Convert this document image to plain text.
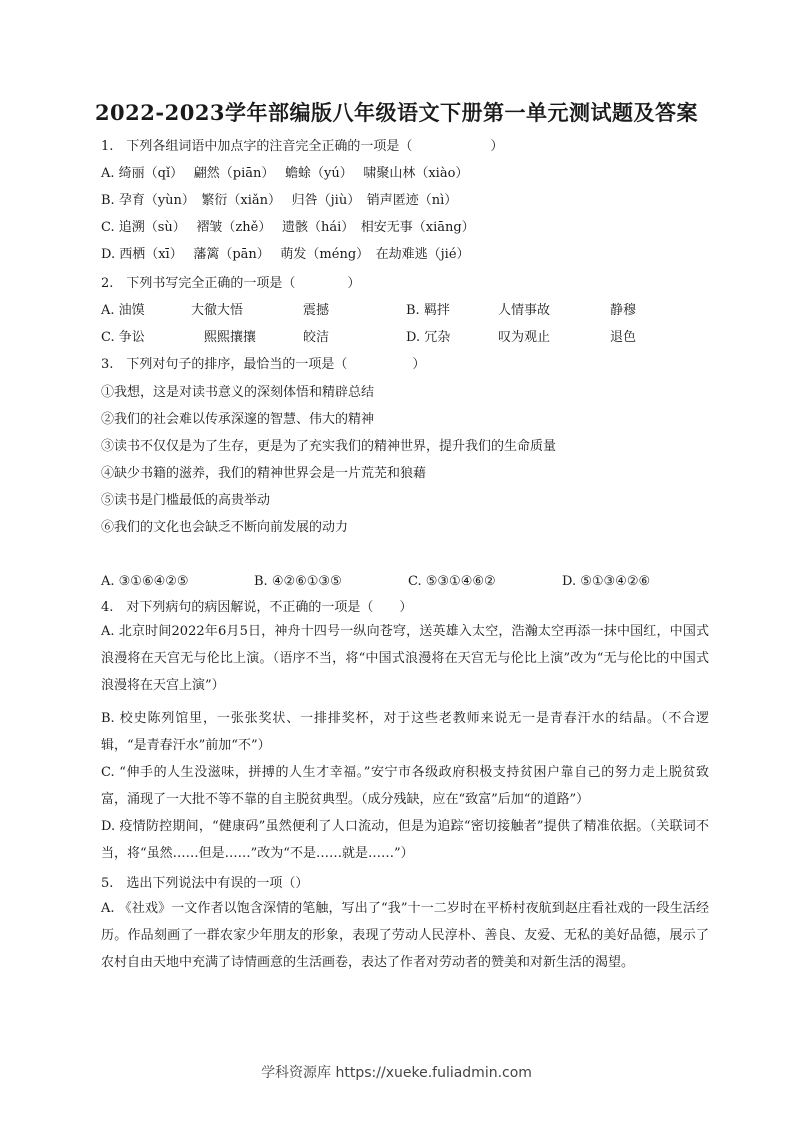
2022-2023学年部编版八年级语文下册第一单元测试题及答案
1.　下列各组词语中加点字的注音完全正确的一项是（　　　　　　）
A. 绮丽（qǐ）　 翩然（piān）　 蟾蜍（yú）　 啸聚山林（xiào）
B. 孕育（yùn）　繁衍（xiǎn）　 归咎（jiù）　销声匿迹（nì）
C. 追溯（sù）　 褶皱（zhě）　 遗骸（hái）　相安无事（xiāng）
D. 西栖（xī）　 藩篱（pān）　 萌发（méng）　在劫难逃（jié）
2.　下列书写完全正确的一项是（　　　　）
A. 油馍	大徹大悟	震撼	B. 羁拌	人情事故	静穆
C. 争讼	熙熙攘攘	皎洁	D. 冗杂	叹为观止	退色
3.　下列对句子的排序，最恰当的一项是（　　　　　）
①我想，这是对读书意义的深刻体悟和精辟总结
②我们的社会难以传承深邃的智慧、伟大的精神
③读书不仅仅是为了生存，更是为了充实我们的精神世界，提升我们的生命质量
④缺少书籍的滋养，我们的精神世界会是一片荒芜和狼藉
⑤读书是门槛最低的高贵举动
⑥我们的文化也会缺乏不断向前发展的动力
A. ③①⑥④②⑤	B. ④②⑥①③⑤	C. ⑤③①④⑥②	D. ⑤①③④②⑥
4.　对下列病句的病因解说，不正确的一项是（　　）
A. 北京时间2022年6月5日，神舟十四号一纵向苍穹，送英雄入太空，浩瀚太空再添一抹中国红，中国式浪漫将在天宫无与伦比上演。（语序不当，将“中国式浪漫将在天宫无与伦比上演”改为“无与伦比的中国式浪漫将在天宫上演”）
B. 校史陈列馆里，一张张奖状、一排排奖杯，对于这些老教师来说无一是青春汗水的结晶。（不合逻辑，“是青春汗水”前加“不”）
C. “伸手的人生没滋味，拼搏的人生才幸福。”安宁市各级政府积极支持贫困户靠自己的努力走上脱贫致富，涌现了一大批不等不靠的自主脱贫典型。（成分残缺，应在“致富”后加“的道路”）
D. 疫情防控期间，“健康码”虽然便利了人口流动，但是为追踪“密切接触者”提供了精准依据。（关联词不当，将“虽然……但是……”改为“不是……就是……”）
5.　选出下列说法中有误的一项（）
A. 《社戏》一文作者以饱含深情的笔触，写出了“我”十一二岁时在平桥村夜航到赵庄看社戏的一段生活经历。作品刻画了一群农家少年朋友的形象，表现了劳动人民淳朴、善良、友爱、无私的美好品德，展示了农村自由天地中充满了诗情画意的生活画卷，表达了作者对劳动者的赞美和对新生活的渴望。
学科资源库 https://xueke.fuliadmin.com
